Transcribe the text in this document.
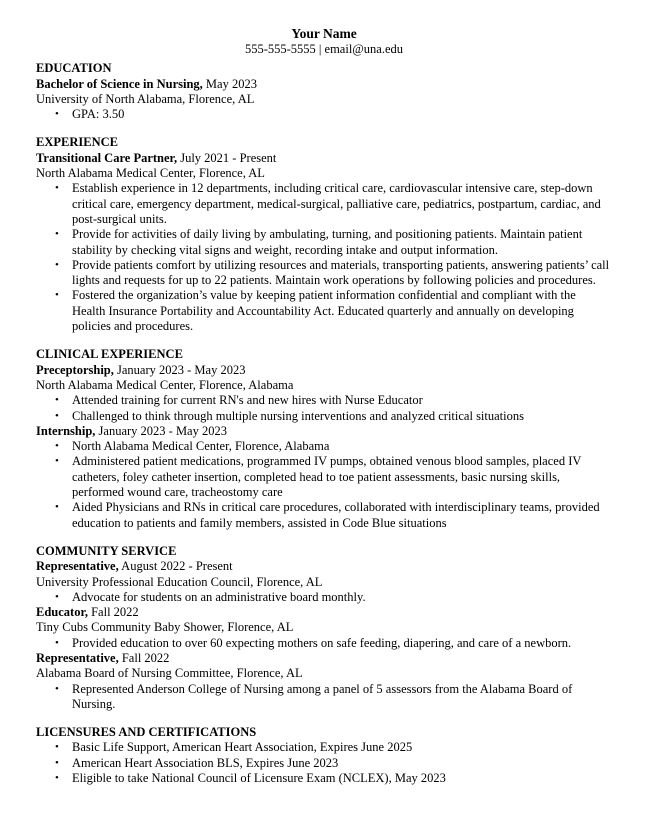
Your Name
555-555-5555 | email@una.edu
EDUCATION
Bachelor of Science in Nursing, May 2023
University of North Alabama, Florence, AL
•	GPA: 3.50
EXPERIENCE
Transitional Care Partner, July 2021 - Present
North Alabama Medical Center, Florence, AL
•	Establish experience in 12 departments, including critical care, cardiovascular intensive care, step-down critical care, emergency department, medical-surgical, palliative care, pediatrics, postpartum, cardiac, and post-surgical units.
•	Provide for activities of daily living by ambulating, turning, and positioning patients. Maintain patient stability by checking vital signs and weight, recording intake and output information.
•	Provide patients comfort by utilizing resources and materials, transporting patients, answering patients’ call lights and requests for up to 22 patients. Maintain work operations by following policies and procedures.
•	Fostered the organization’s value by keeping patient information confidential and compliant with the Health Insurance Portability and Accountability Act. Educated quarterly and annually on developing policies and procedures.
CLINICAL EXPERIENCE
Preceptorship, January 2023 - May 2023
North Alabama Medical Center, Florence, Alabama
•	Attended training for current RN's and new hires with Nurse Educator
•	Challenged to think through multiple nursing interventions and analyzed critical situations
Internship, January 2023 - May 2023
•	North Alabama Medical Center, Florence, Alabama
•	Administered patient medications, programmed IV pumps, obtained venous blood samples, placed IV catheters, foley catheter insertion, completed head to toe patient assessments, basic nursing skills, performed wound care, tracheostomy care
•	Aided Physicians and RNs in critical care procedures, collaborated with interdisciplinary teams, provided education to patients and family members, assisted in Code Blue situations
COMMUNITY SERVICE
Representative, August 2022 - Present
University Professional Education Council, Florence, AL
•	Advocate for students on an administrative board monthly.
Educator, Fall 2022
Tiny Cubs Community Baby Shower, Florence, AL
•	Provided education to over 60 expecting mothers on safe feeding, diapering, and care of a newborn.
Representative, Fall 2022
Alabama Board of Nursing Committee, Florence, AL
•	Represented Anderson College of Nursing among a panel of 5 assessors from the Alabama Board of Nursing.
LICENSURES AND CERTIFICATIONS
•	Basic Life Support, American Heart Association, Expires June 2025
•	American Heart Association BLS, Expires June 2023
•	Eligible to take National Council of Licensure Exam (NCLEX), May 2023
